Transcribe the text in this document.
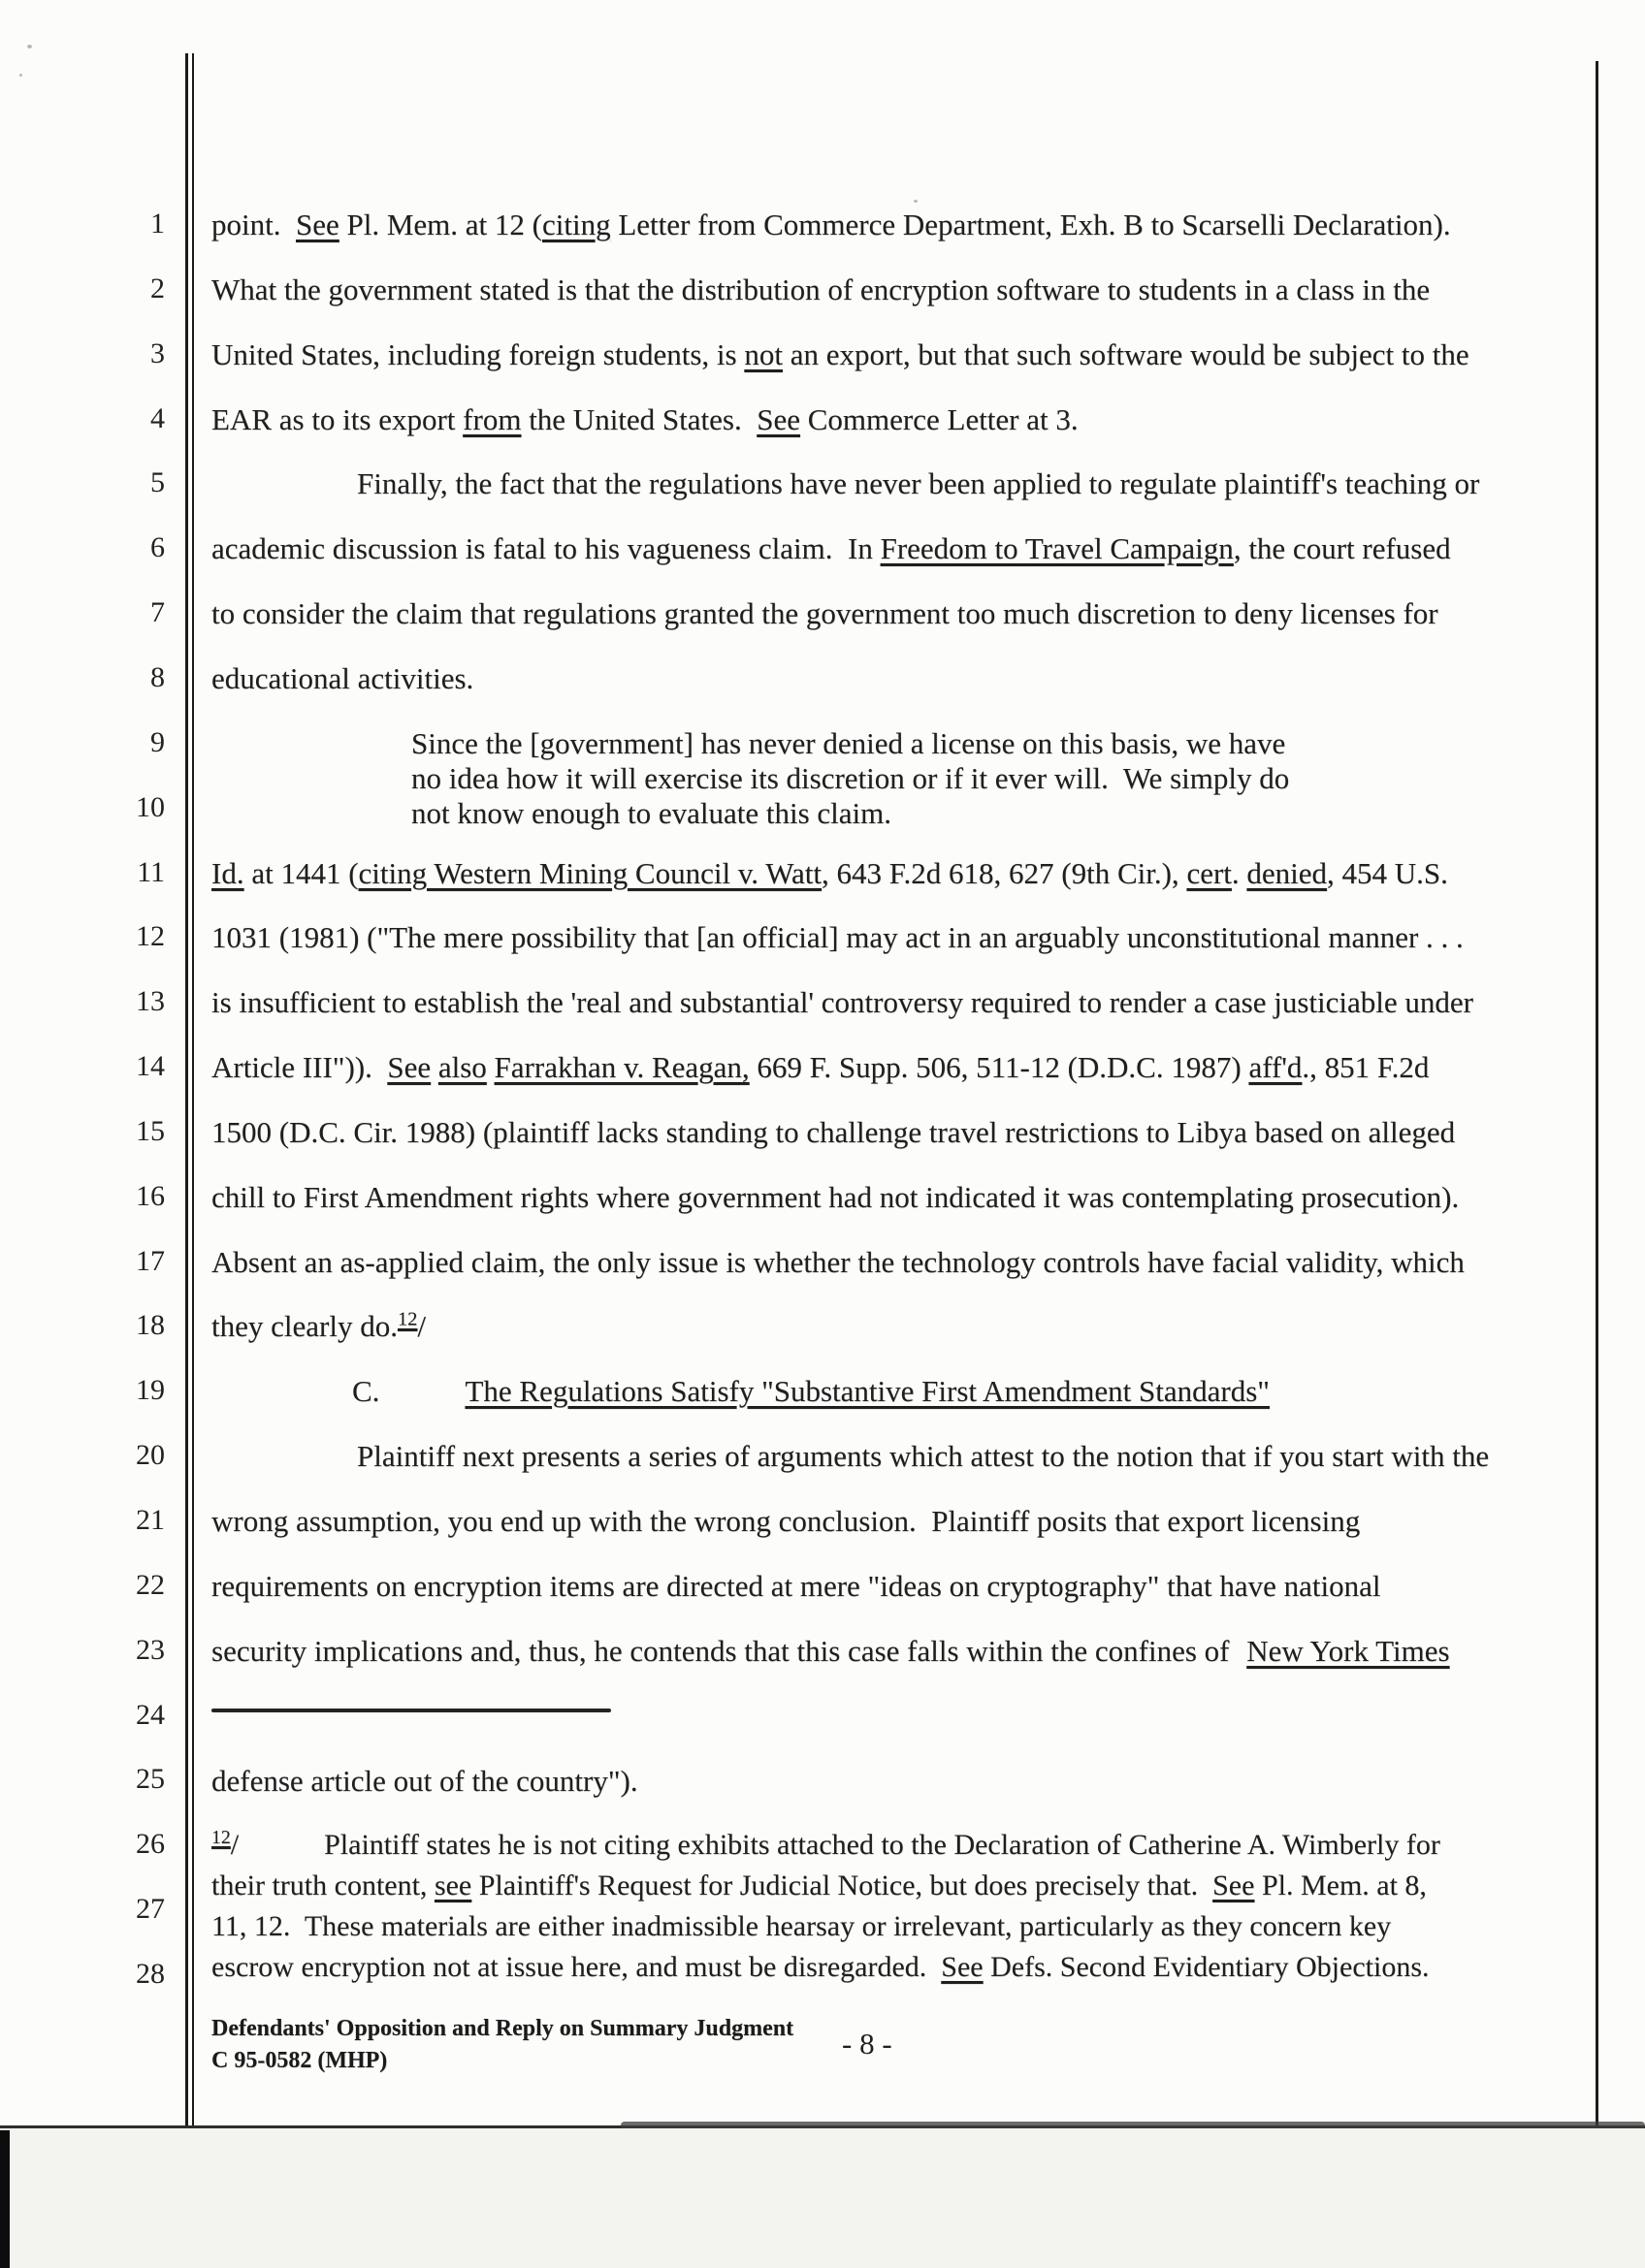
1
2
3
4
5
6
7
8
9
10
11
12
13
14
15
16
17
18
19
20
21
22
23
24
25
26
27
28
point.  See Pl. Mem. at 12 (citing Letter from Commerce Department, Exh. B to Scarselli Declaration).
What the government stated is that the distribution of encryption software to students in a class in the
United States, including foreign students, is not an export, but that such software would be subject to the
EAR as to its export from the United States.  See Commerce Letter at 3.
Finally, the fact that the regulations have never been applied to regulate plaintiff's teaching or
academic discussion is fatal to his vagueness claim.  In Freedom to Travel Campaign, the court refused
to consider the claim that regulations granted the government too much discretion to deny licenses for
educational activities.
Since the [government] has never denied a license on this basis, we have
no idea how it will exercise its discretion or if it ever will.  We simply do
not know enough to evaluate this claim.
Id. at 1441 (citing Western Mining Council v. Watt, 643 F.2d 618, 627 (9th Cir.), cert. denied, 454 U.S.
1031 (1981) ("The mere possibility that [an official] may act in an arguably unconstitutional manner . . .
is insufficient to establish the 'real and substantial' controversy required to render a case justiciable under
Article III")).  See also Farrakhan v. Reagan, 669 F. Supp. 506, 511-12 (D.D.C. 1987) aff'd., 851 F.2d
1500 (D.C. Cir. 1988) (plaintiff lacks standing to challenge travel restrictions to Libya based on alleged
chill to First Amendment rights where government had not indicated it was contemplating prosecution).
Absent an as-applied claim, the only issue is whether the technology controls have facial validity, which
they clearly do.$^{12}$/
C.	The Regulations Satisfy "Substantive First Amendment Standards"
Plaintiff next presents a series of arguments which attest to the notion that if you start with the
wrong assumption, you end up with the wrong conclusion.  Plaintiff posits that export licensing
requirements on encryption items are directed at mere "ideas on cryptography" that have national
security implications and, thus, he contends that this case falls within the confines of New York Times
defense article out of the country").
$^{12}$/	Plaintiff states he is not citing exhibits attached to the Declaration of Catherine A. Wimberly for
their truth content, see Plaintiff's Request for Judicial Notice, but does precisely that.  See Pl. Mem. at 8,
11, 12.  These materials are either inadmissible hearsay or irrelevant, particularly as they concern key
escrow encryption not at issue here, and must be disregarded.  See Defs. Second Evidentiary Objections.
Defendants' Opposition and Reply on Summary Judgment
C 95-0582 (MHP)	- 8 -
